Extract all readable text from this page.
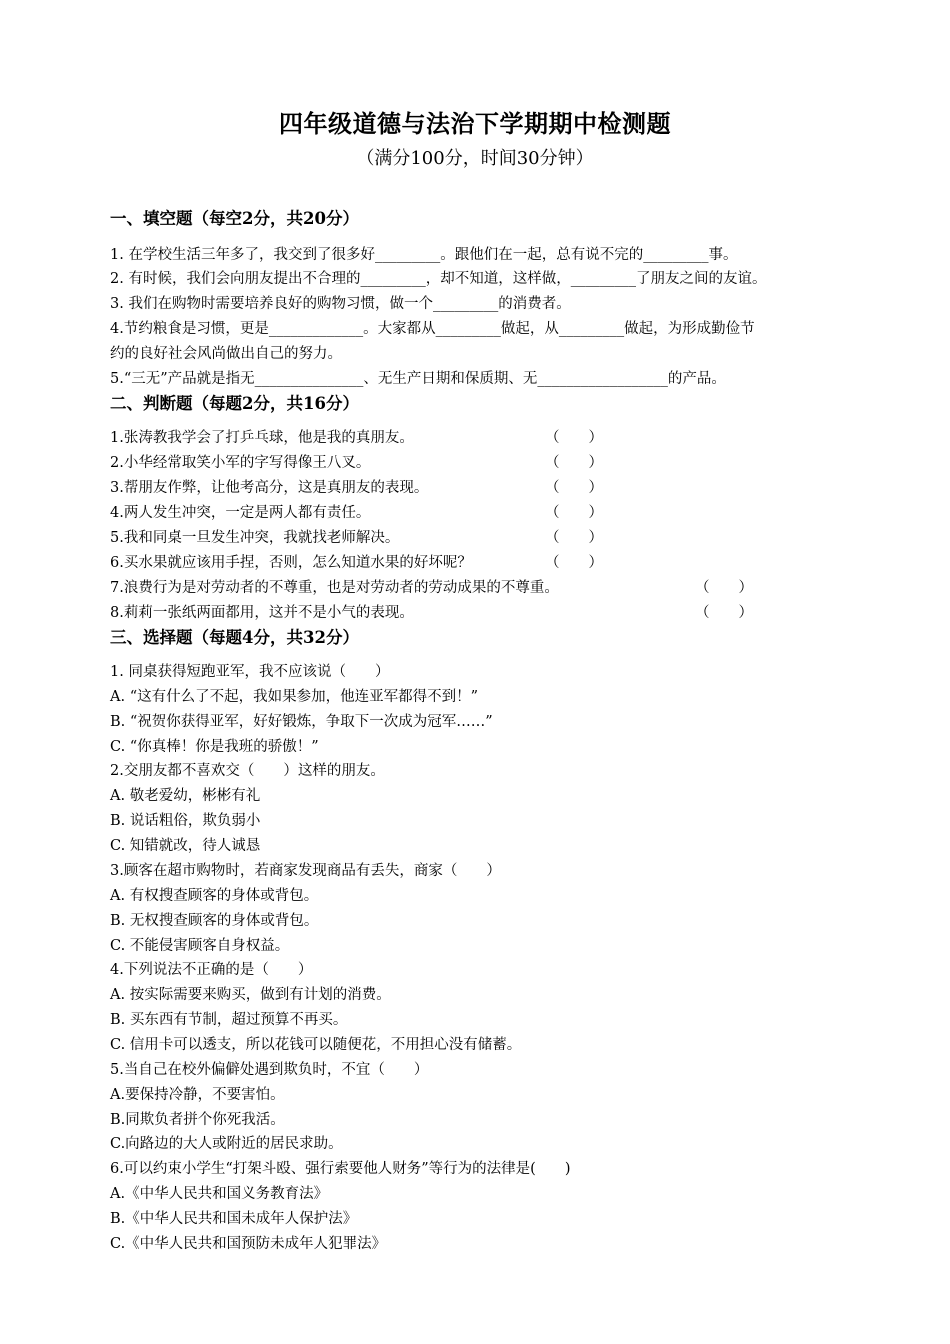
四年级道德与法治下学期期中检测题
（满分100分，时间30分钟）
一、填空题（每空2分，共20分）
1. 在学校生活三年多了，我交到了很多好_________。跟他们在一起，总有说不完的_________事。
2. 有时候，我们会向朋友提出不合理的_________，却不知道，这样做，_________了朋友之间的友谊。
3. 我们在购物时需要培养良好的购物习惯，做一个_________的消费者。
4.节约粮食是习惯，更是_____________。大家都从_________做起，从_________做起，为形成勤俭节
约的良好社会风尚做出自己的努力。
5.“三无”产品就是指无_______________、无生产日期和保质期、无__________________的产品。
二、判断题（每题2分，共16分）
1.张涛教我学会了打乒乓球，他是我的真朋友。	（　　）
2.小华经常取笑小军的字写得像王八叉。	（　　）
3.帮朋友作弊，让他考高分，这是真朋友的表现。	（　　）
4.两人发生冲突，一定是两人都有责任。	（　　）
5.我和同桌一旦发生冲突，我就找老师解决。	（　　）
6.买水果就应该用手捏，否则，怎么知道水果的好坏呢？	（　　）
7.浪费行为是对劳动者的不尊重，也是对劳动者的劳动成果的不尊重。	（　　）
8.莉莉一张纸两面都用，这并不是小气的表现。	（　　）
三、选择题（每题4分，共32分）
1. 同桌获得短跑亚军，我不应该说（　　）
A. “这有什么了不起，我如果参加，他连亚军都得不到！”
B. “祝贺你获得亚军，好好锻炼，争取下一次成为冠军……”
C. “你真棒！你是我班的骄傲！”
2.交朋友都不喜欢交（　　）这样的朋友。
A. 敬老爱幼，彬彬有礼
B. 说话粗俗，欺负弱小
C. 知错就改，待人诚恳
3.顾客在超市购物时，若商家发现商品有丢失，商家（　　）
A. 有权搜查顾客的身体或背包。
B. 无权搜查顾客的身体或背包。
C. 不能侵害顾客自身权益。
4.下列说法不正确的是（　　）
A. 按实际需要来购买，做到有计划的消费。
B. 买东西有节制，超过预算不再买。
C. 信用卡可以透支，所以花钱可以随便花，不用担心没有储蓄。
5.当自己在校外偏僻处遇到欺负时，不宜（　　）
A.要保持冷静，不要害怕。
B.同欺负者拼个你死我活。
C.向路边的大人或附近的居民求助。
6.可以约束小学生“打架斗殴、强行索要他人财务”等行为的法律是(　　)
A.《中华人民共和国义务教育法》
B.《中华人民共和国未成年人保护法》
C.《中华人民共和国预防未成年人犯罪法》
